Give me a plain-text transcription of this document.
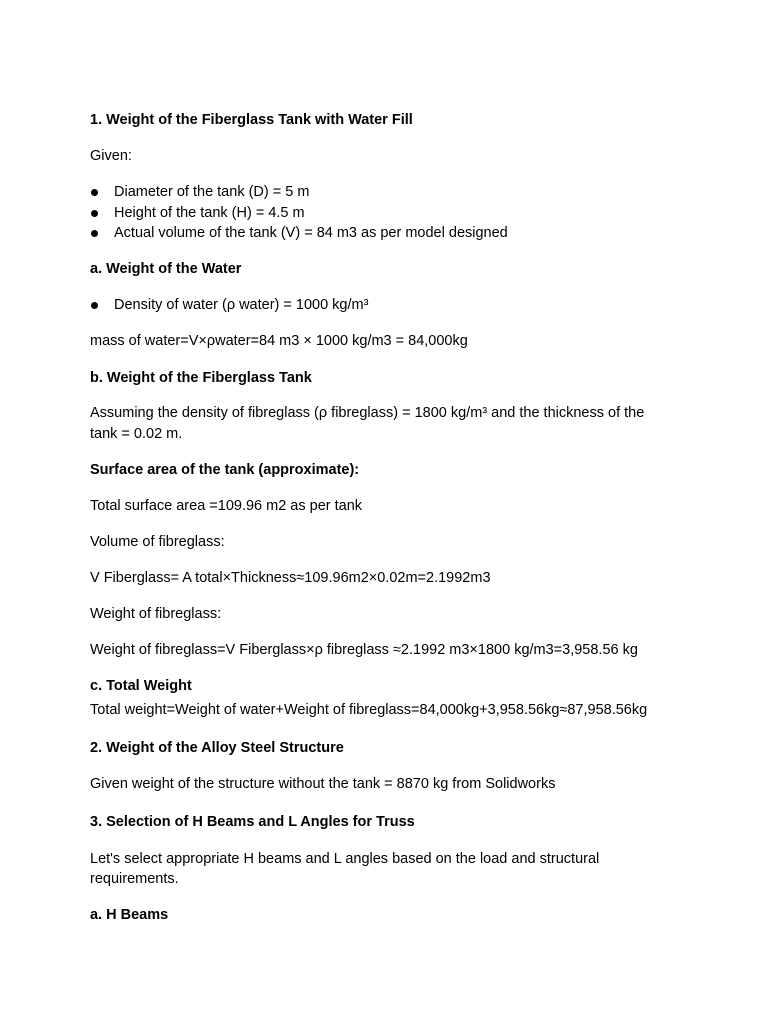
1. Weight of the Fiberglass Tank with Water Fill

Given:

Diameter of the tank (D) = 5 m

Height of the tank (H) = 4.5 m

Actual volume of the tank (V) = 84 m3 as per model designed

a. Weight of the Water

Density of water (ρ water) = 1000 kg/m³

mass of water=V×ρwater=84 m3 × 1000 kg/m3 = 84,000kg

b. Weight of the Fiberglass Tank

Assuming the density of fibreglass (ρ fibreglass) = 1800 kg/m³ and the thickness of the

tank = 0.02 m.

Surface area of the tank (approximate):

Total surface area =109.96 m2 as per tank

Volume of fibreglass:

V Fiberglass= A total×Thickness≈109.96m2×0.02m=2.1992m3

Weight of fibreglass:

Weight of fibreglass=V Fiberglass×ρ fibreglass ≈2.1992 m3×1800 kg/m3=3,958.56 kg

c. Total Weight

Total weight=Weight of water+Weight of fibreglass=84,000kg+3,958.56kg≈87,958.56kg

2. Weight of the Alloy Steel Structure

Given weight of the structure without the tank = 8870 kg from Solidworks

3. Selection of H Beams and L Angles for Truss

Let's select appropriate H beams and L angles based on the load and structural

requirements.

a. H Beams
